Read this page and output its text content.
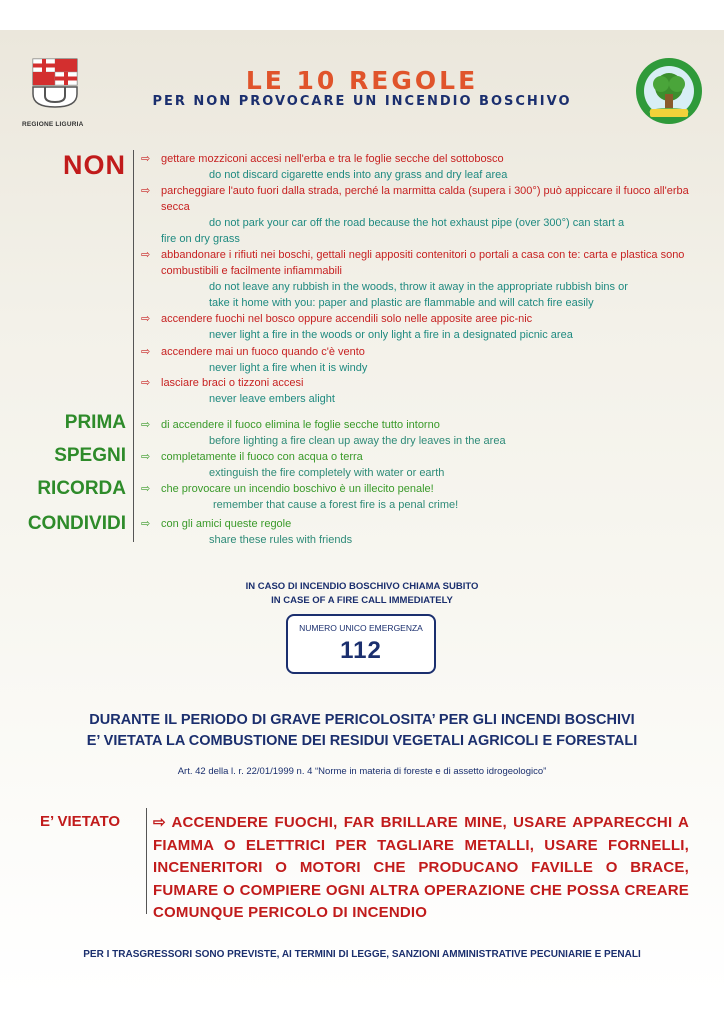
REGIONE LIGURIA
LE 10 REGOLE
PER NON PROVOCARE UN INCENDIO BOSCHIVO
NON
PRIMA
SPEGNI
RICORDA
CONDIVIDI
⇨ gettare mozziconi accesi nell'erba e tra le foglie secche del sottobosco
do not discard cigarette ends into any grass and dry leaf area
⇨ parcheggiare l'auto fuori dalla strada, perché la marmitta calda (supera i 300°) può appiccare il fuoco all'erba secca
do not park your car off the road because the hot exhaust pipe (over 300°) can start a
fire on dry grass
⇨ abbandonare i rifiuti nei boschi, gettali negli appositi contenitori o portali a casa con te: carta e plastica sono combustibili e facilmente infiammabili
do not leave any rubbish in the woods, throw it away in the appropriate rubbish bins or
take it home with you: paper and plastic are flammable and will catch fire easily
⇨ accendere fuochi nel bosco oppure accendili solo nelle apposite aree pic-nic
never light a fire in the woods or only light a fire in a designated picnic area
⇨ accendere mai un fuoco quando c'è vento
never light a fire when it is windy
⇨ lasciare braci o tizzoni accesi
never leave embers alight
⇨ di accendere il fuoco elimina le foglie secche tutto intorno
before lighting a fire clean up away the dry leaves in the area
⇨ completamente il fuoco con acqua o terra
extinguish the fire completely with water or earth
⇨ che provocare un incendio boschivo è un illecito penale!
remember that cause a forest fire is a penal crime!
⇨ con gli amici queste regole
share these rules with friends
IN CASO DI INCENDIO BOSCHIVO CHIAMA SUBITO
IN CASE OF A FIRE CALL IMMEDIATELY
NUMERO UNICO EMERGENZA
112
DURANTE IL PERIODO DI GRAVE PERICOLOSITA’ PER GLI INCENDI BOSCHIVI
E’ VIETATA LA COMBUSTIONE DEI RESIDUI VEGETALI AGRICOLI E FORESTALI
Art. 42 della l. r. 22/01/1999 n. 4 “Norme in materia di foreste e di assetto idrogeologico”
E’ VIETATO ⇨ ACCENDERE FUOCHI, FAR BRILLARE MINE, USARE APPARECCHI A FIAMMA O ELETTRICI PER TAGLIARE METALLI, USARE FORNELLI, INCENERITORI O MOTORI CHE PRODUCANO FAVILLE O BRACE, FUMARE O COMPIERE OGNI ALTRA OPERAZIONE CHE POSSA CREARE COMUNQUE PERICOLO DI INCENDIO
PER I TRASGRESSORI SONO PREVISTE, AI TERMINI DI LEGGE, SANZIONI AMMINISTRATIVE PECUNIARIE E PENALI
